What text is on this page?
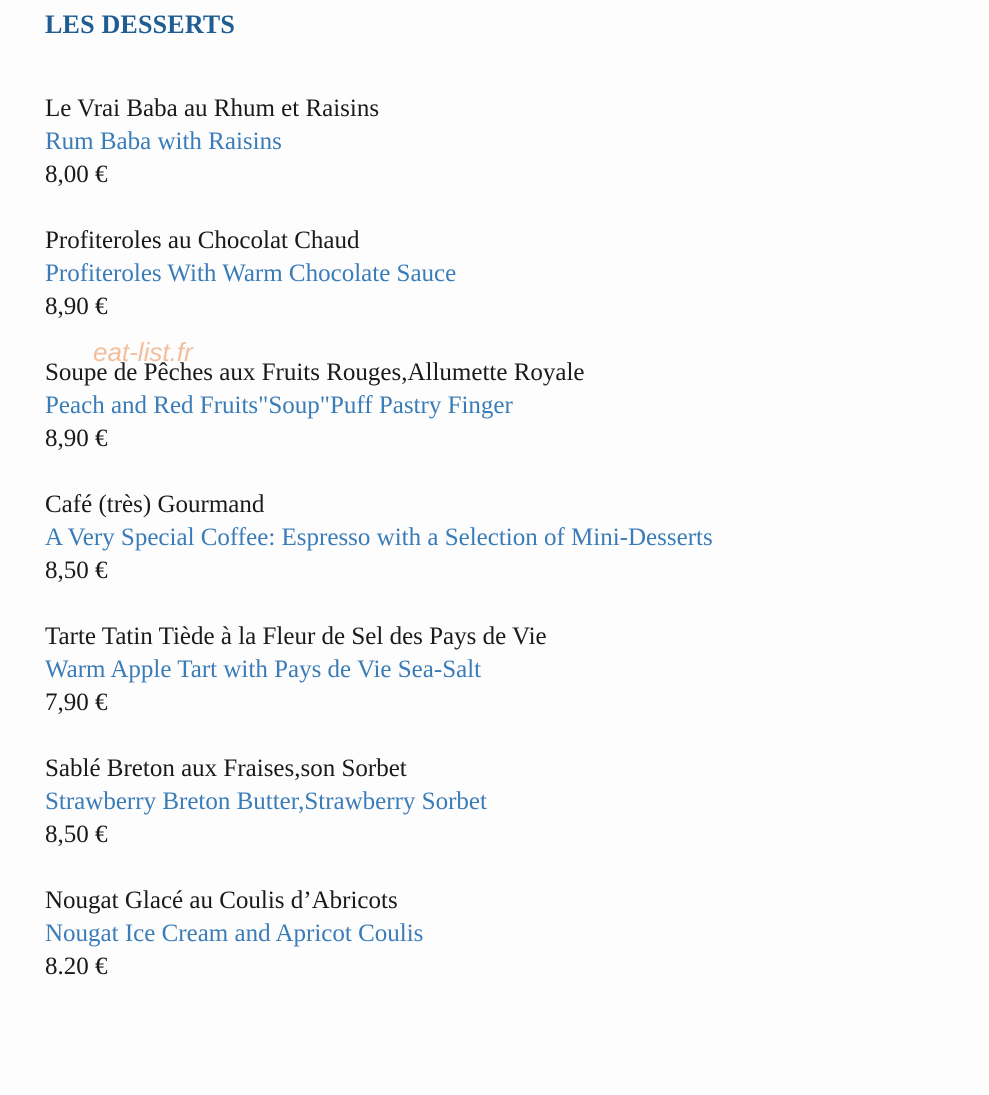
LES DESSERTS
Le Vrai Baba au Rhum et Raisins
Rum Baba with Raisins
8,00 €
Profiteroles au Chocolat Chaud
Profiteroles With Warm Chocolate Sauce
8,90 €
Soupe de Pêches aux Fruits Rouges,Allumette Royale
Peach and Red Fruits"Soup"Puff Pastry Finger
8,90 €
Café (très) Gourmand
A Very Special Coffee: Espresso with a Selection of Mini-Desserts
8,50 €
Tarte Tatin Tiède à la Fleur de Sel des Pays de Vie
Warm Apple Tart with Pays de Vie Sea-Salt
7,90 €
Sablé Breton aux Fraises,son Sorbet
Strawberry Breton Butter,Strawberry Sorbet
8,50 €
Nougat Glacé au Coulis d’Abricots
Nougat Ice Cream and Apricot Coulis
8.20 €
eat-list.fr
